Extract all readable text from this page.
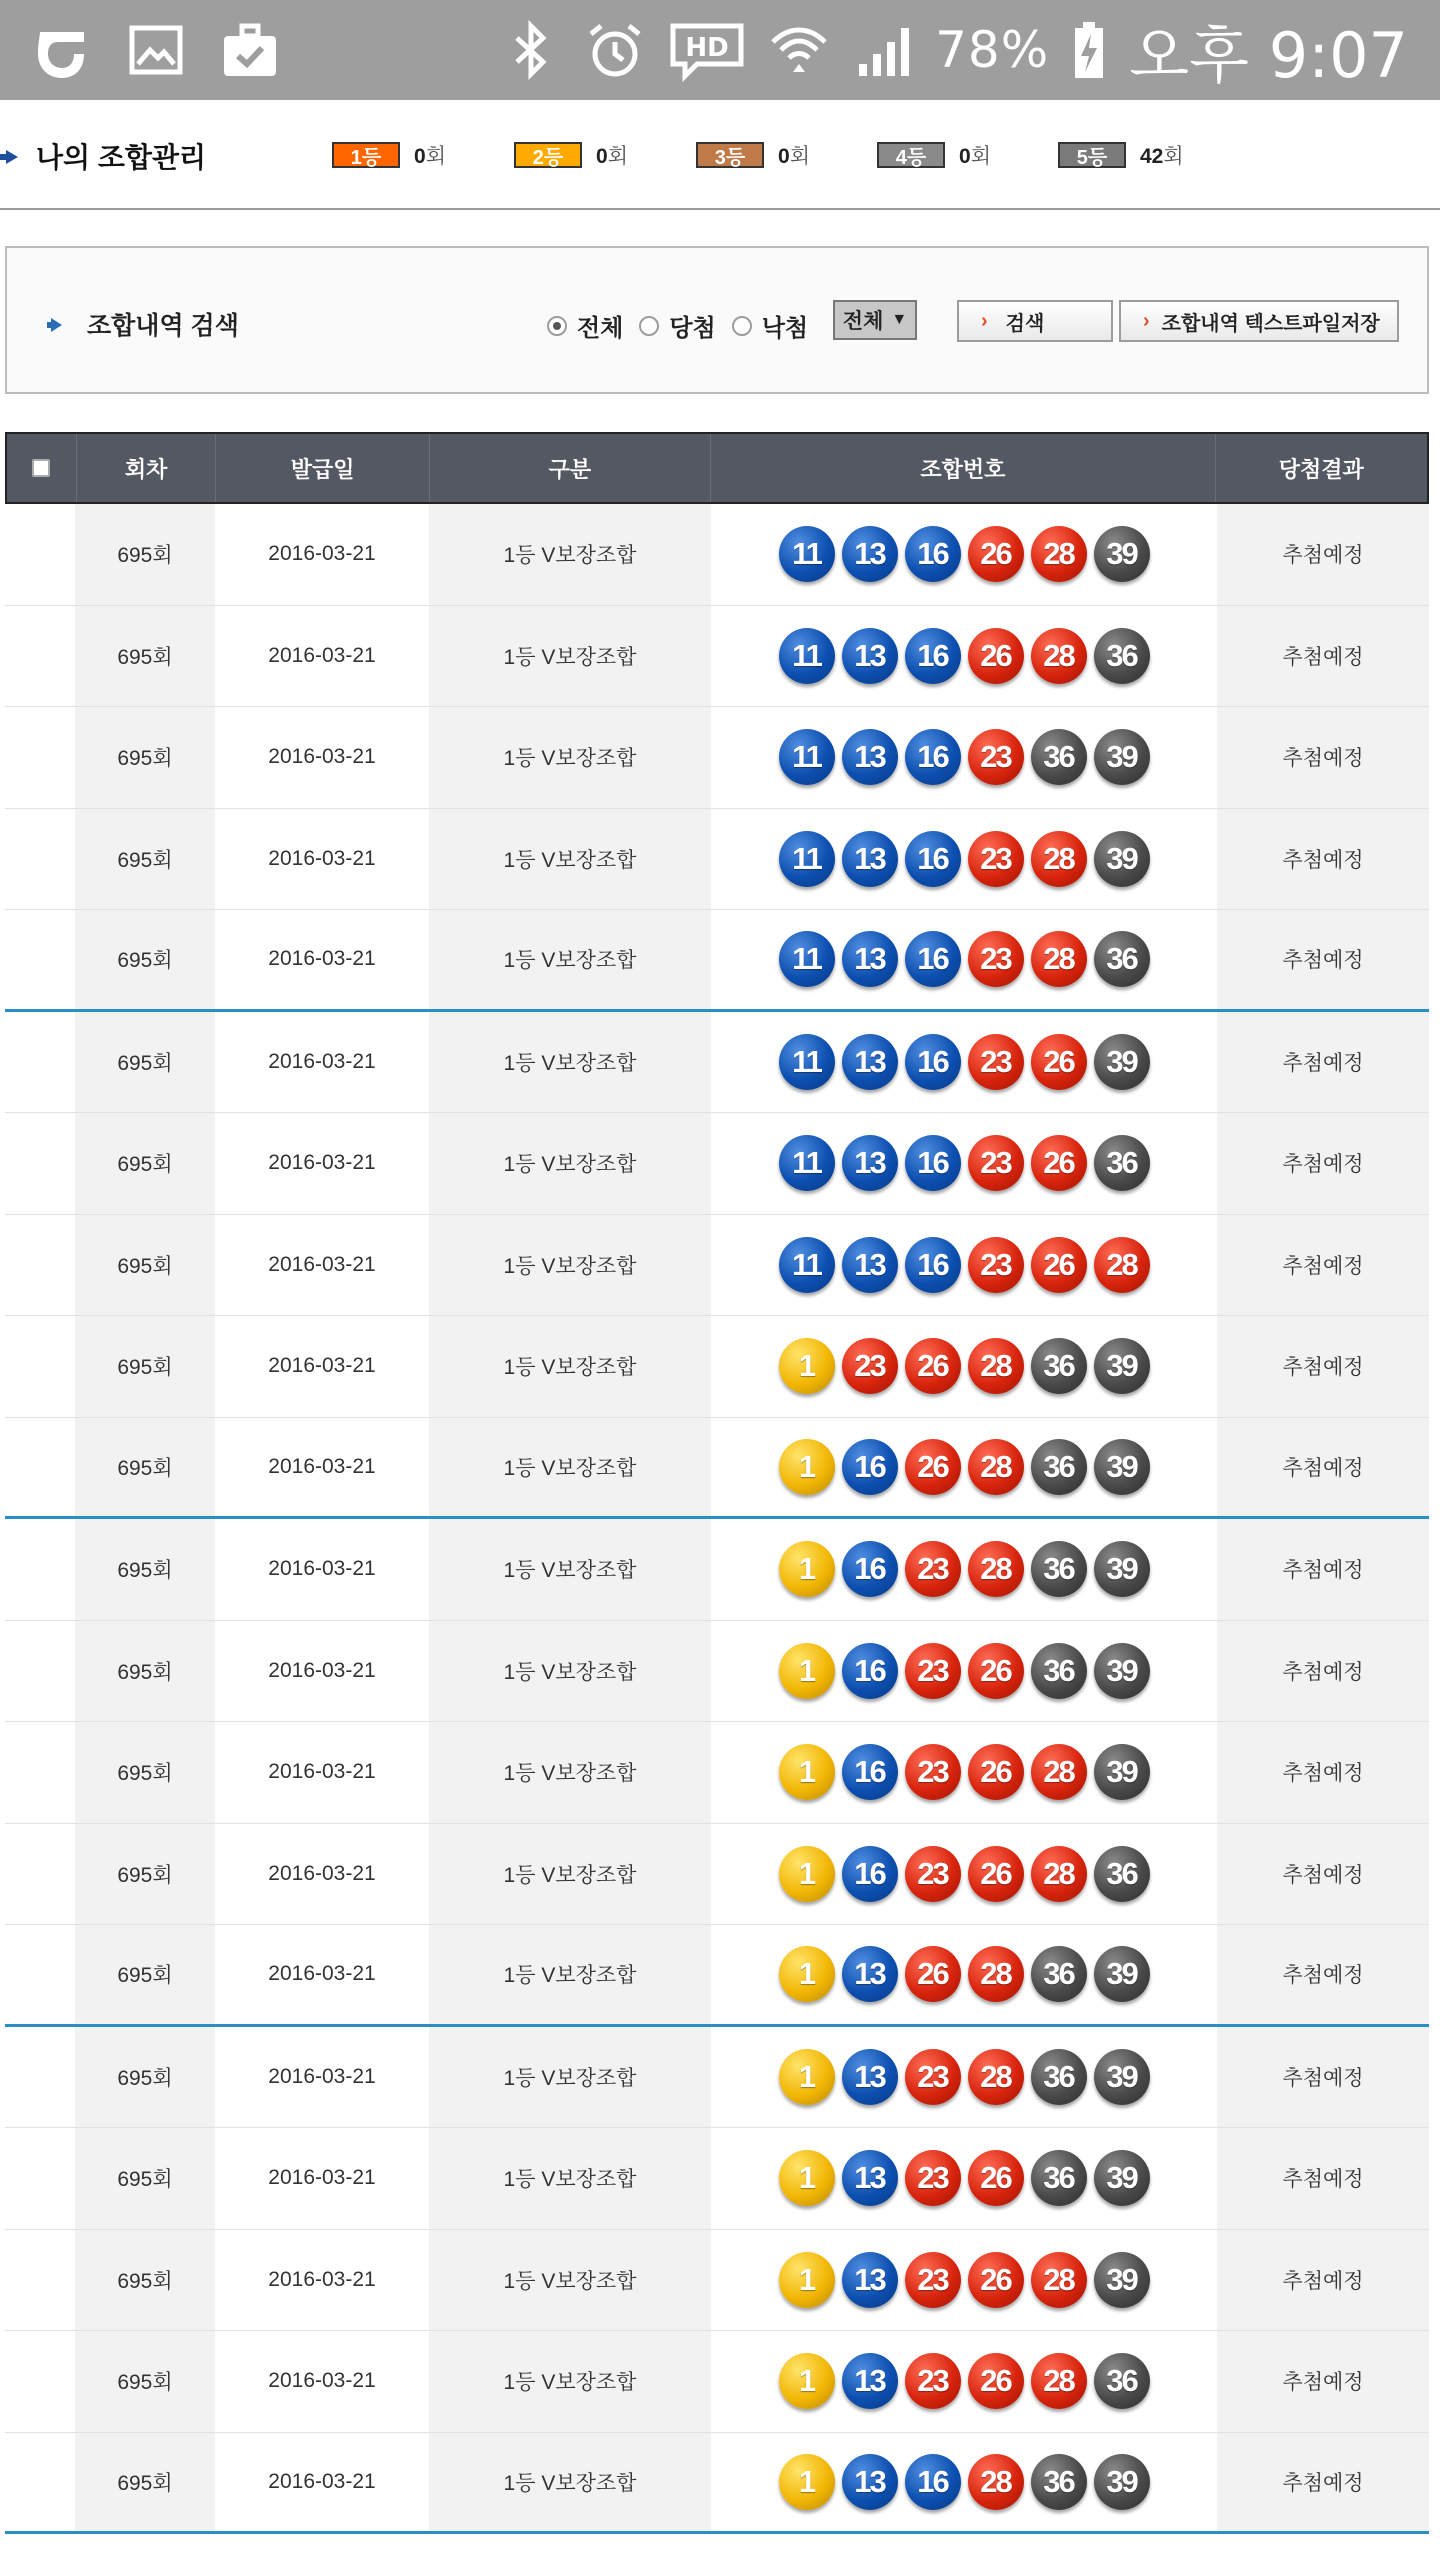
HD	78% 오후 9:07
나의 조합관리	1등	0회	2등	0회	3등	0회	4등	0회	5등	42회
조합내역 검색	전체 당첨 낙첨 전체 ▼	› 검색	› 조합내역 텍스트파일저장
회차	발급일	구분	조합번호	당첨결과
695회	2016-03-21	1등 V보장조합	11	13	16	26	28	39	추첨예정
695회	2016-03-21	1등 V보장조합	11	13	16	26	28	36	추첨예정
695회	2016-03-21	1등 V보장조합	11	13	16	23	36	39	추첨예정
695회	2016-03-21	1등 V보장조합	11	13	16	23	28	39	추첨예정
695회	2016-03-21	1등 V보장조합	11	13	16	23	28	36	추첨예정
695회	2016-03-21	1등 V보장조합	11	13	16	23	26	39	추첨예정
695회	2016-03-21	1등 V보장조합	11	13	16	23	26	36	추첨예정
695회	2016-03-21	1등 V보장조합	11	13	16	23	26	28	추첨예정
695회	2016-03-21	1등 V보장조합	1	23	26	28	36	39	추첨예정
695회	2016-03-21	1등 V보장조합	1	16	26	28	36	39	추첨예정
695회	2016-03-21	1등 V보장조합	1	16	23	28	36	39	추첨예정
695회	2016-03-21	1등 V보장조합	1	16	23	26	36	39	추첨예정
695회	2016-03-21	1등 V보장조합	1	16	23	26	28	39	추첨예정
695회	2016-03-21	1등 V보장조합	1	16	23	26	28	36	추첨예정
695회	2016-03-21	1등 V보장조합	1	13	26	28	36	39	추첨예정
695회	2016-03-21	1등 V보장조합	1	13	23	28	36	39	추첨예정
695회	2016-03-21	1등 V보장조합	1	13	23	26	36	39	추첨예정
695회	2016-03-21	1등 V보장조합	1	13	23	26	28	39	추첨예정
695회	2016-03-21	1등 V보장조합	1	13	23	26	28	36	추첨예정
695회	2016-03-21	1등 V보장조합	1	13	16	28	36	39	추첨예정
